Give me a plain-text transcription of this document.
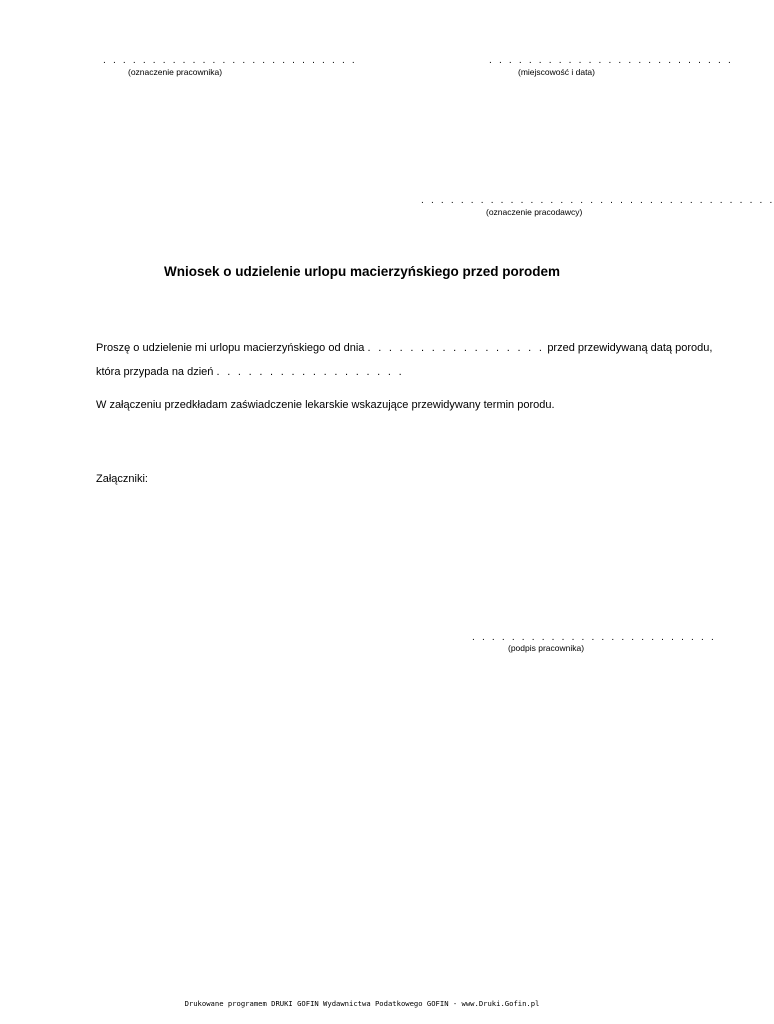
. . . . . . . . . . . . . . . . . . . . . . . . . .
(oznaczenie pracownika)
. . . . . . . . . . . . . . . . . . . . . . . . .
(miejscowość i data)
. . . . . . . . . . . . . . . . . . . . . . . . . . . . . . . . . . . .
(oznaczenie pracodawcy)
Wniosek o udzielenie urlopu macierzyńskiego przed porodem
Proszę o udzielenie mi urlopu macierzyńskiego od dnia . . . . . . . . . . . . . . . . . przed przewidywaną datą porodu,
która przypada na dzień . . . . . . . . . . . . . . . . . .
W załączeniu przedkładam zaświadczenie lekarskie wskazujące przewidywany termin porodu.
Załączniki:
. . . . . . . . . . . . . . . . . . . . . . . . .
(podpis pracownika)
Drukowane programem DRUKI GOFIN Wydawnictwa Podatkowego GOFIN - www.Druki.Gofin.pl
